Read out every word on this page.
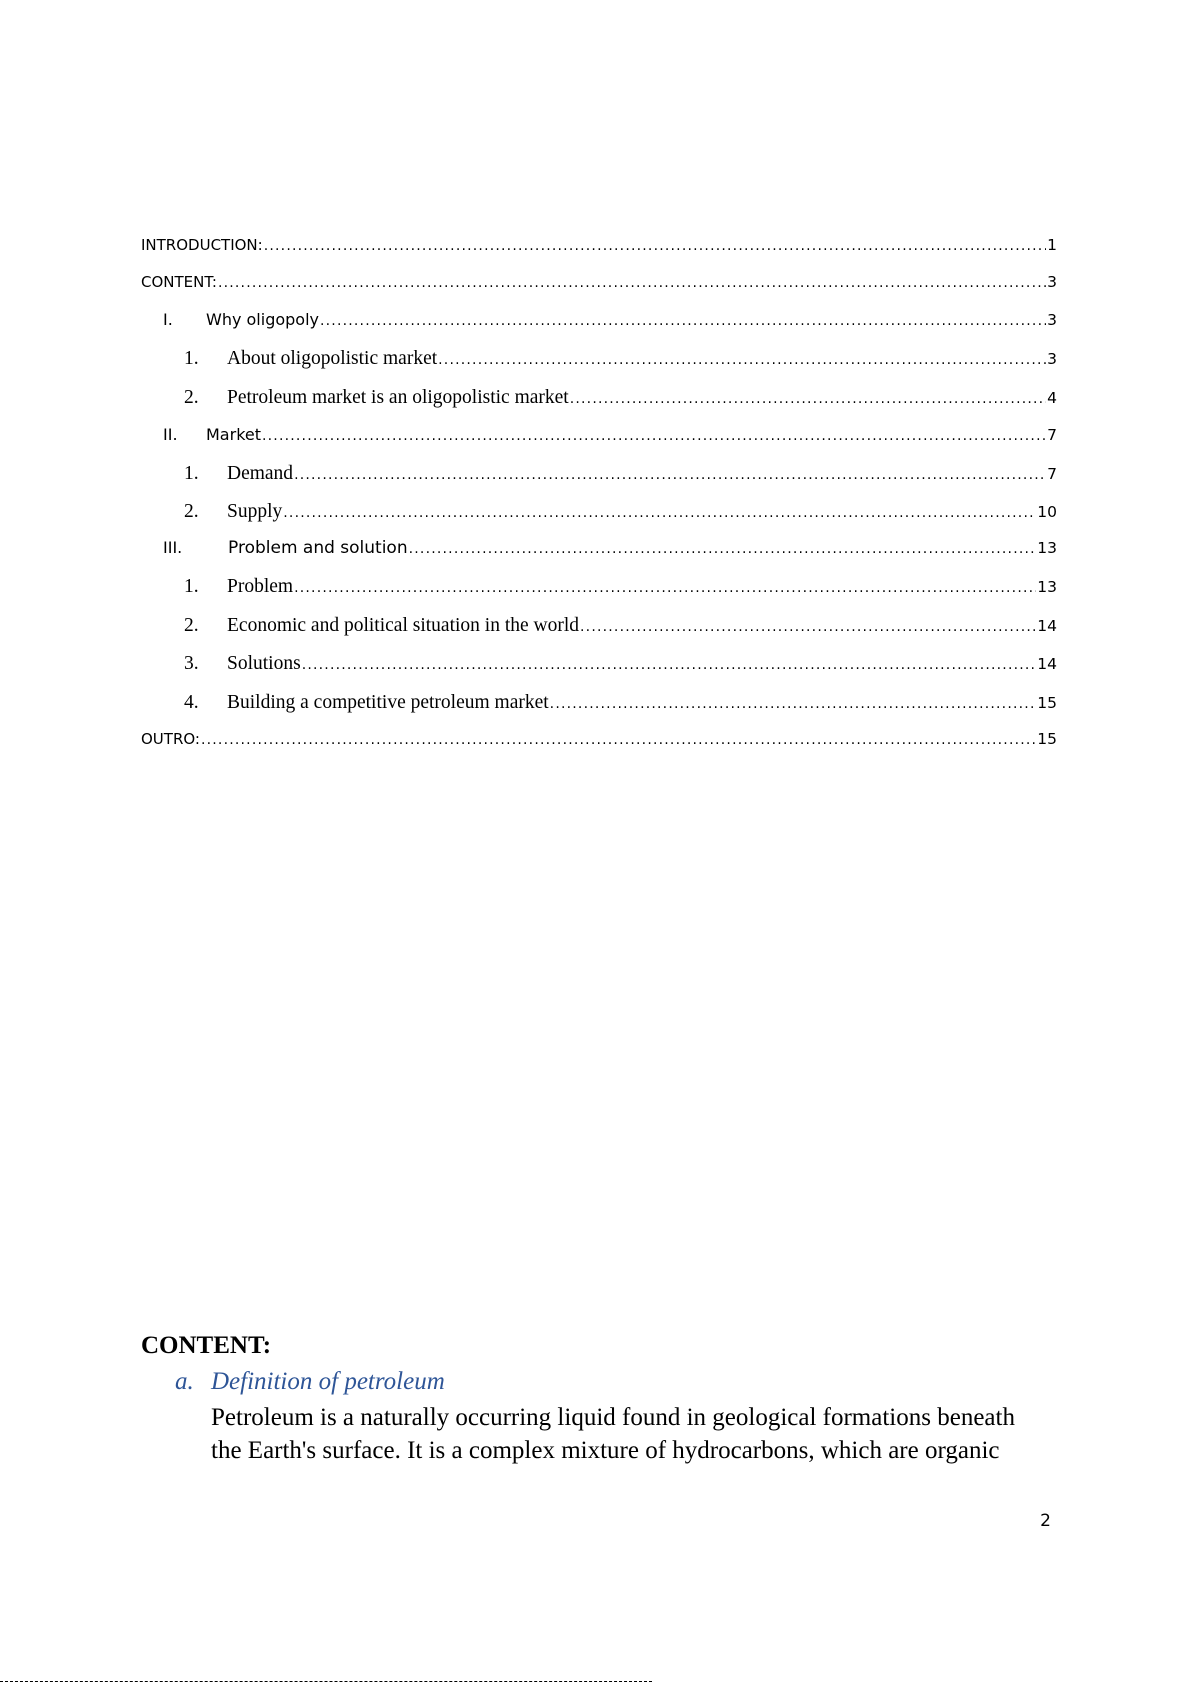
INTRODUCTION: .....	1
CONTENT: .....	3
I.	Why oligopoly .....	3
1.	About oligopolistic market .....	3
2.	Petroleum market is an oligopolistic market .....	4
II.	Market .....	7
1.	Demand .....	7
2.	Supply .....	10
III.	Problem and solution .....	13
1.	Problem .....	13
2.	Economic and political situation in the world .....	14
3.	Solutions .....	14
4.	Building a competitive petroleum market .....	15
OUTRO: .....	15
CONTENT:
a. Definition of petroleum
Petroleum is a naturally occurring liquid found in geological formations beneath
the Earth's surface. It is a complex mixture of hydrocarbons, which are organic
2
